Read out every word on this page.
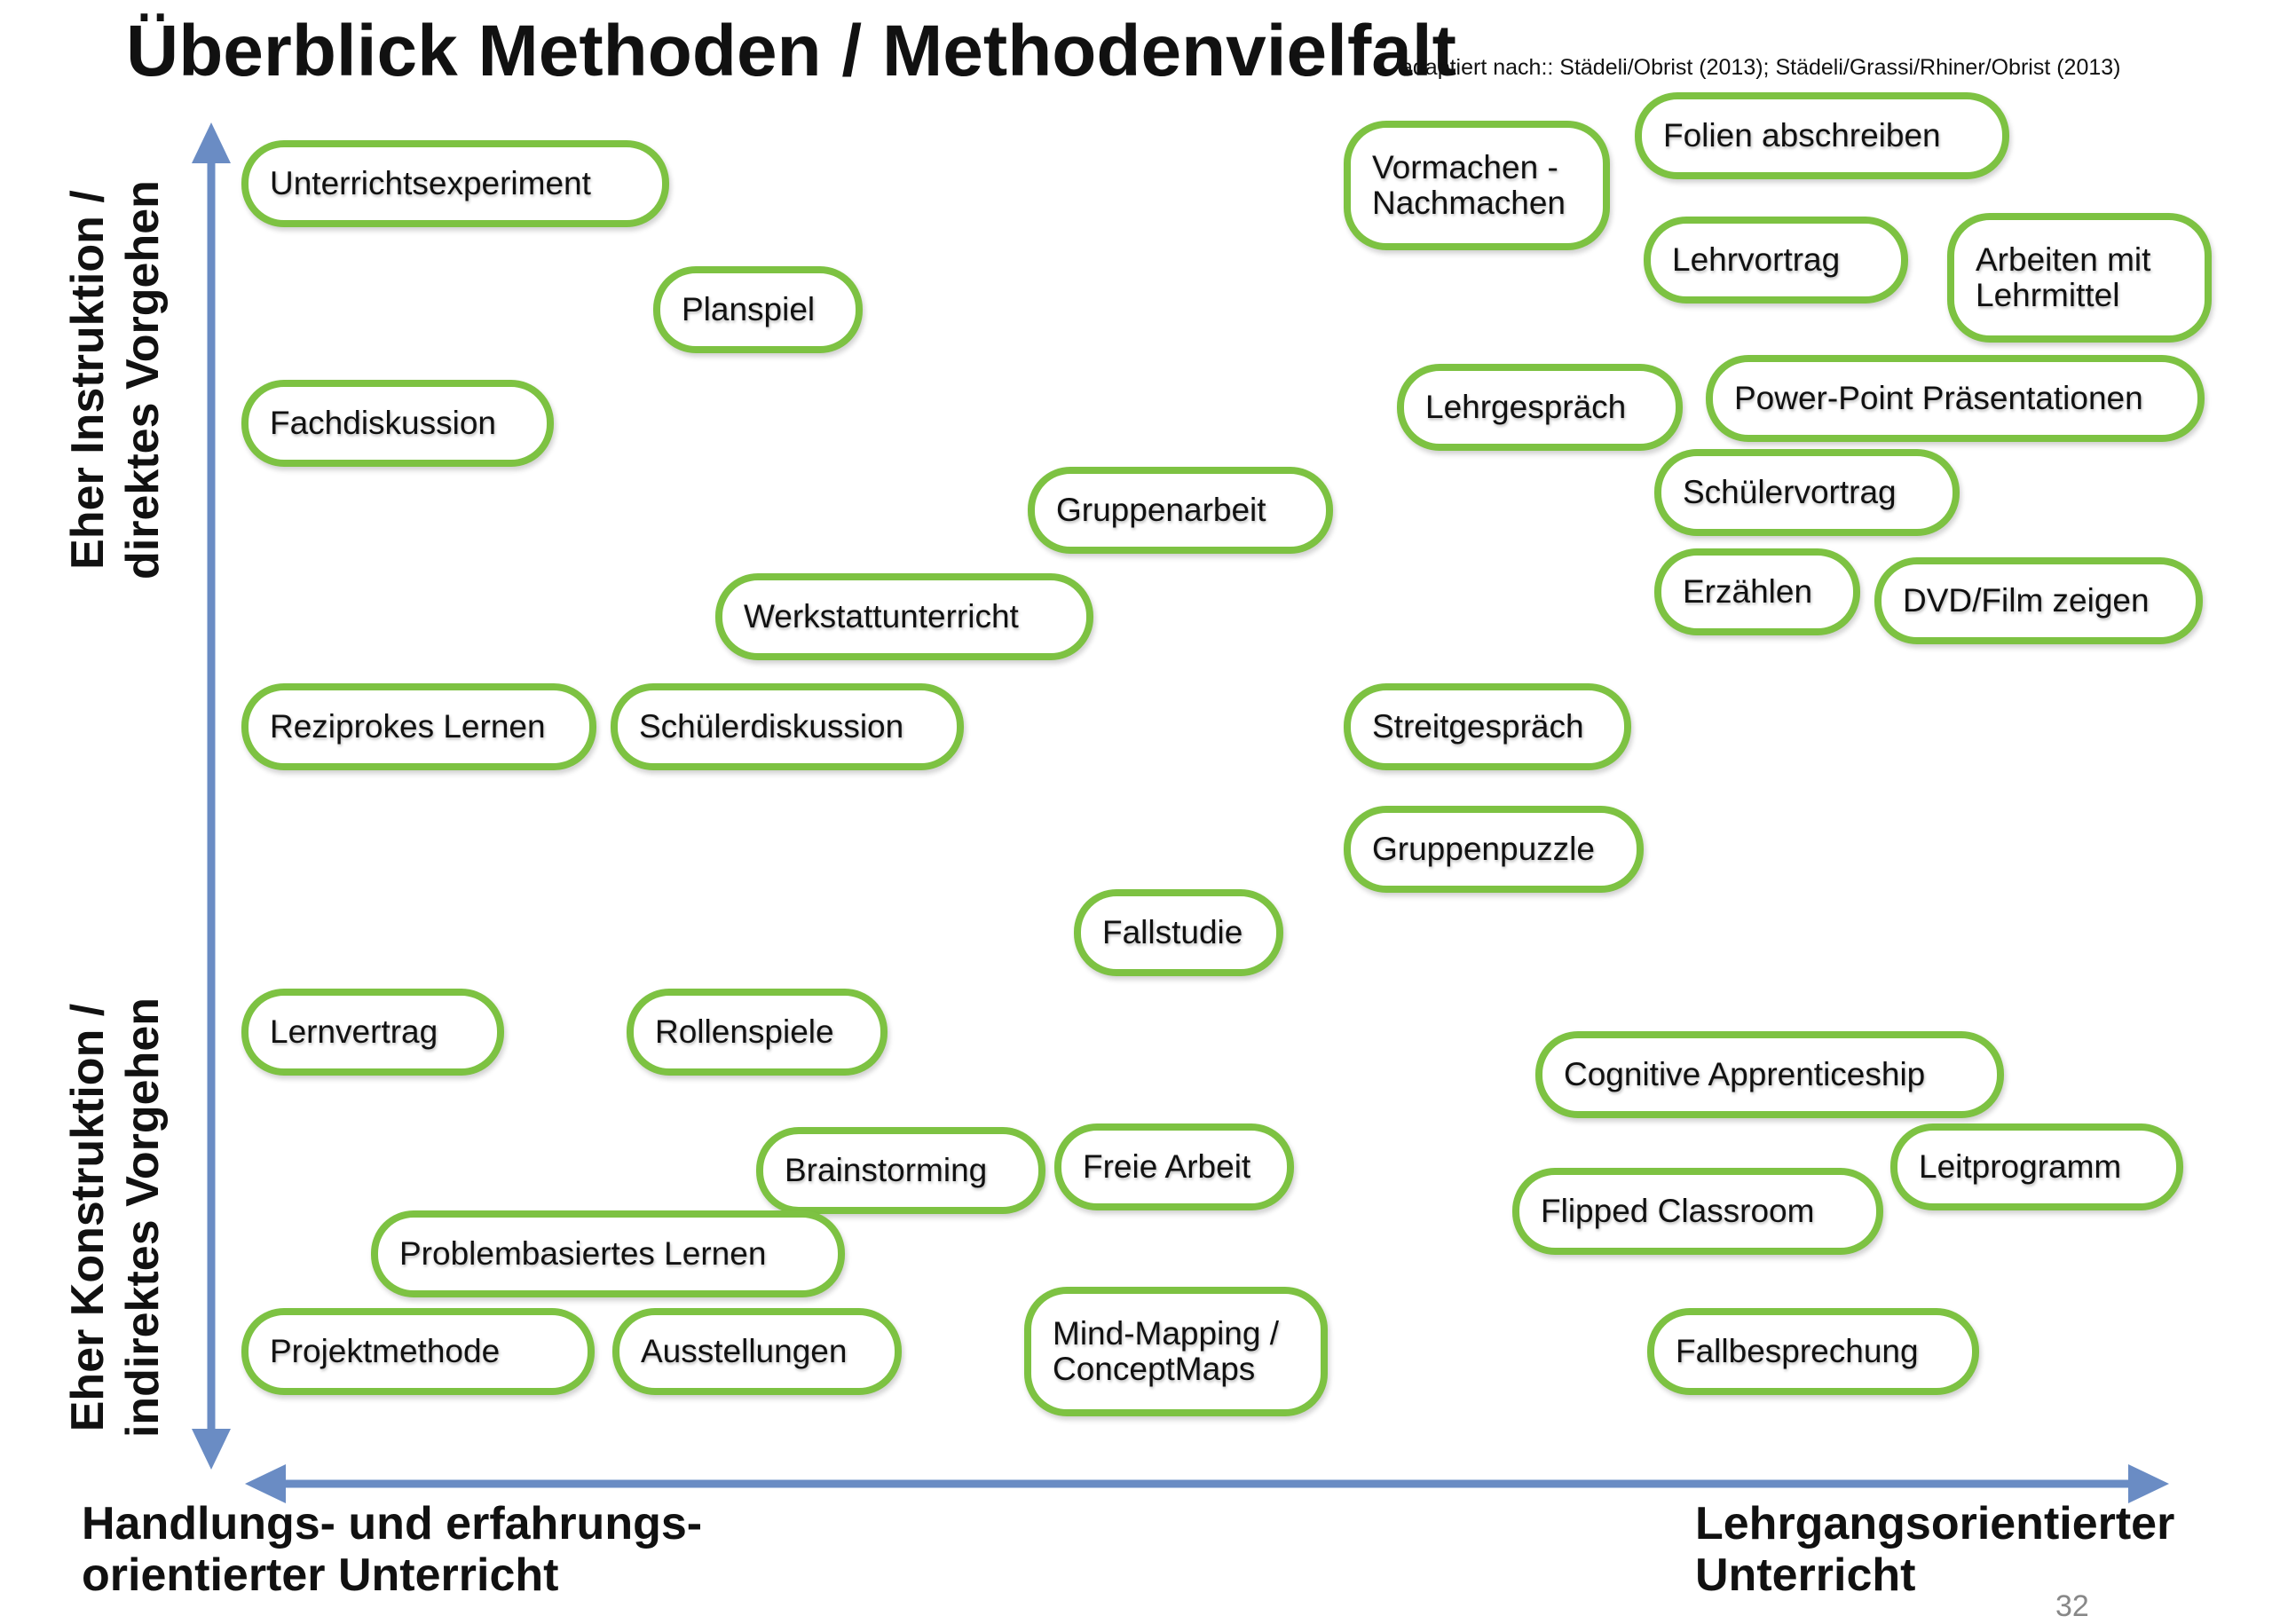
Überblick Methoden / Methodenvielfalt
adaptiert nach:: Städeli/Obrist (2013); Städeli/Grassi/Rhiner/Obrist (2013)
Eher Instruktion / direktes Vorgehen
Eher Konstruktion / indirektes Vorgehen
Handlungs- und erfahrungs-
orientierter Unterricht
Lehrgangsorientierter
Unterricht
32
Unterrichtsexperiment
Planspiel
Fachdiskussion
Gruppenarbeit
Werkstattunterricht
Reziprokes Lernen	Schülerdiskussion
Vormachen -
Nachmachen
Folien abschreiben
Lehrvortrag	Arbeiten mit
Lehrmittel
Lehrgespräch	Power-Point Präsentationen
Schülervortrag
Erzählen	DVD/Film zeigen
Streitgespräch
Gruppenpuzzle
Fallstudie
Lernvertrag	Rollenspiele
Cognitive Apprenticeship
Brainstorming	Freie Arbeit	Leitprogramm
Flipped Classroom
Problembasiertes Lernen
Projektmethode	Ausstellungen	Mind-Mapping /
ConceptMaps	Fallbesprechung
